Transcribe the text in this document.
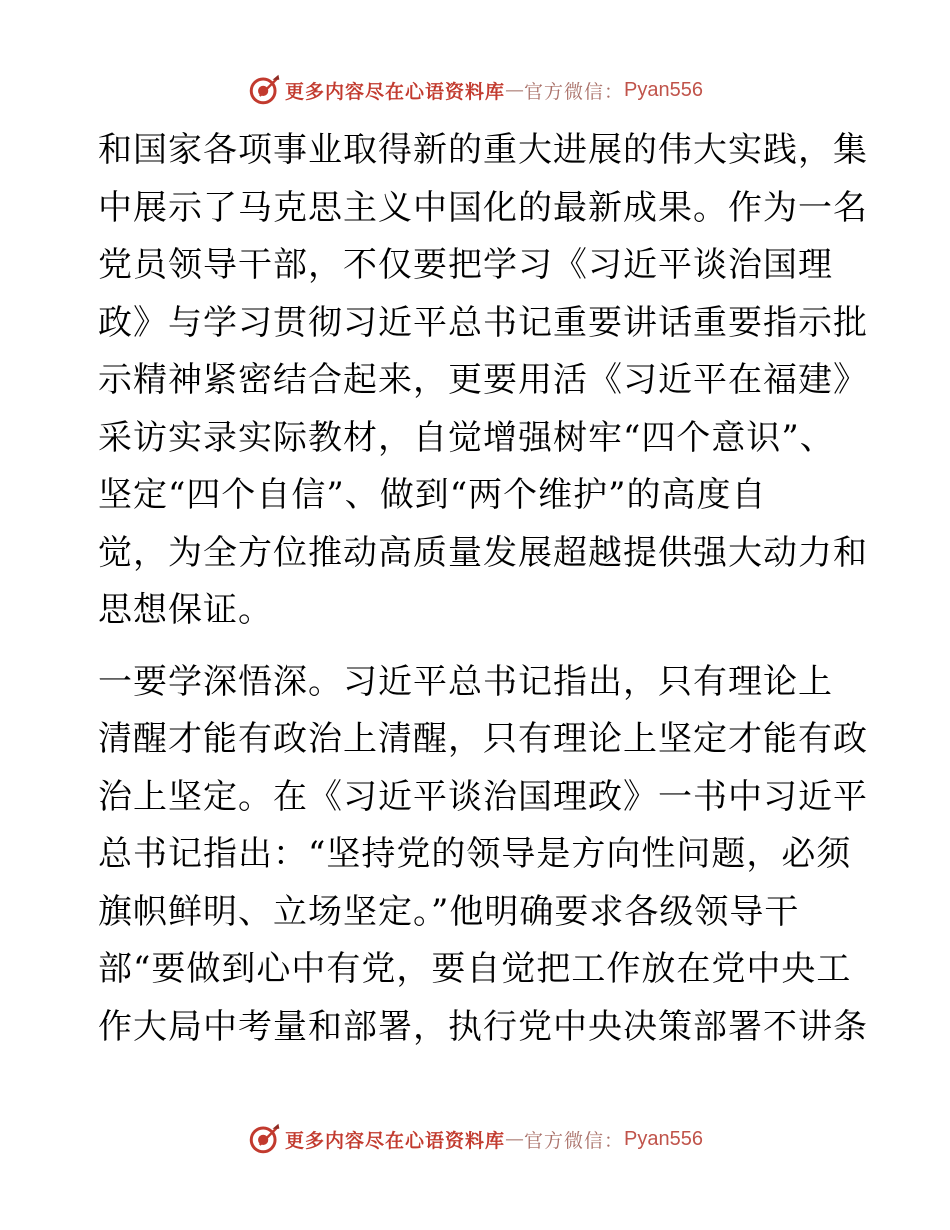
更多内容尽在心语资料库 — 官方微信： Pyan556

和国家各项事业取得新的重大进展的伟大实践，集

中展示了马克思主义中国化的最新成果。作为一名

党员领导干部，不仅要把学习《习近平谈治国理

政》与学习贯彻习近平总书记重要讲话重要指示批

示精神紧密结合起来，更要用活《习近平在福建》

采访实录实际教材，自觉增强树牢“四个意识”、

坚定“四个自信”、做到“两个维护”的高度自

觉，为全方位推动高质量发展超越提供强大动力和

思想保证。

一要学深悟深。习近平总书记指出，只有理论上

清醒才能有政治上清醒，只有理论上坚定才能有政

治上坚定。在《习近平谈治国理政》一书中习近平

总书记指出：“坚持党的领导是方向性问题，必须

旗帜鲜明、立场坚定。”他明确要求各级领导干

部“要做到心中有党，要自觉把工作放在党中央工

作大局中考量和部署，执行党中央决策部署不讲条

更多内容尽在心语资料库 — 官方微信： Pyan556
